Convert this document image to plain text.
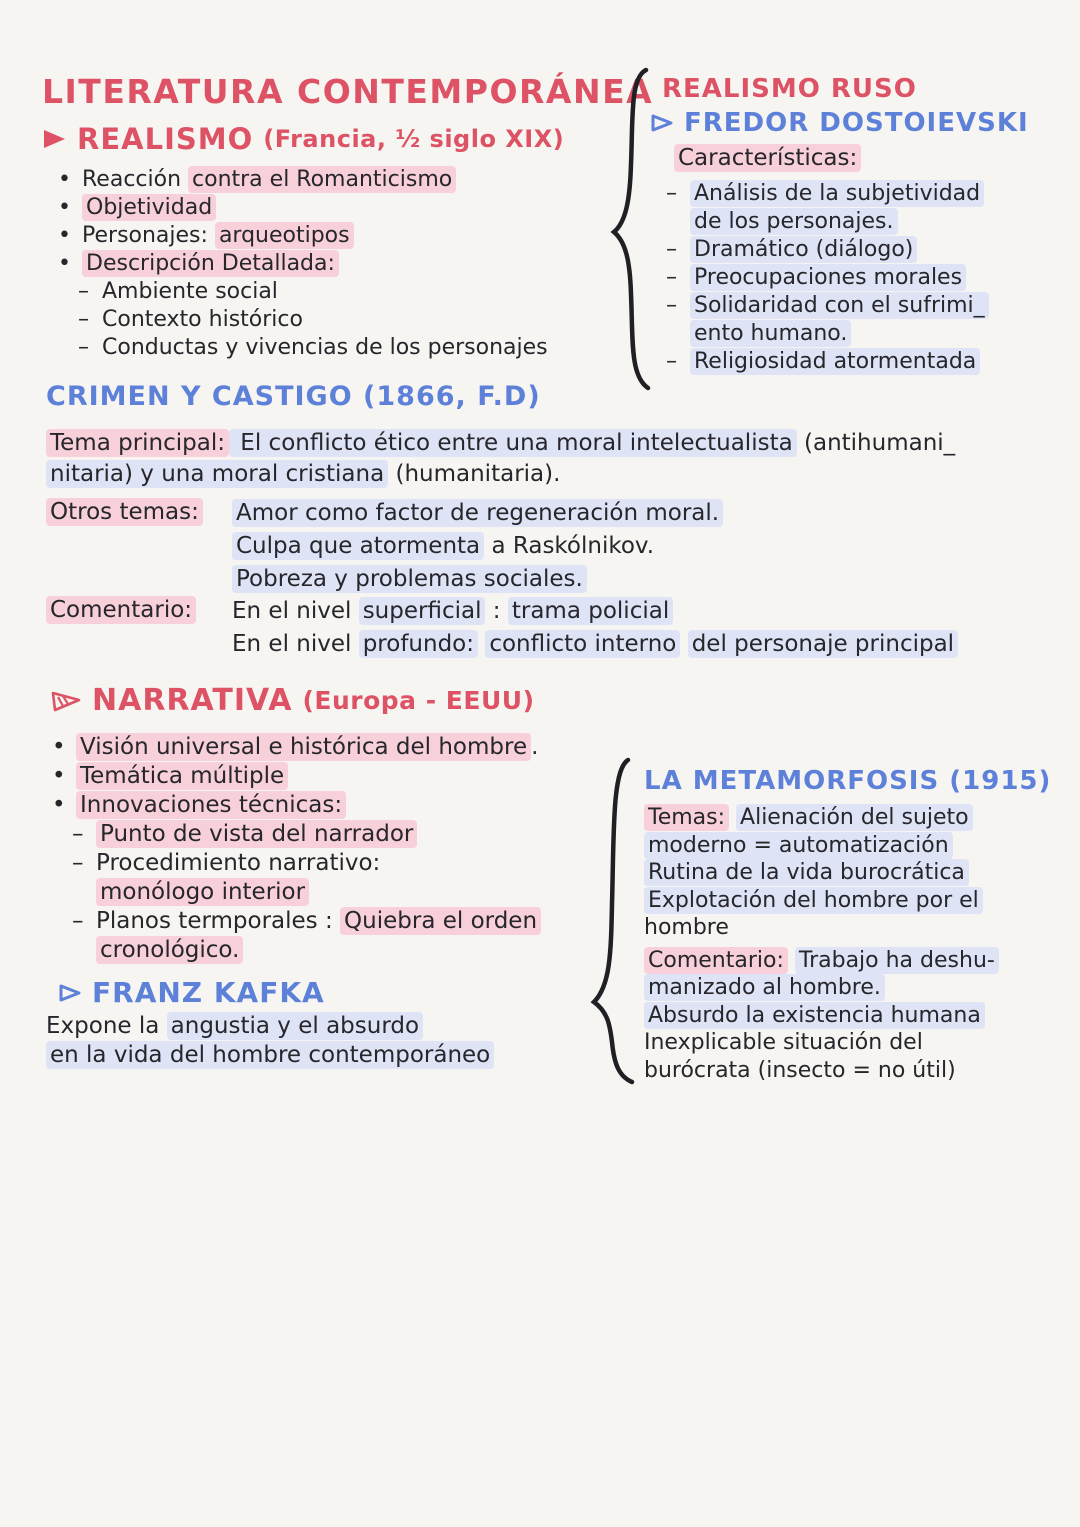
LITERATURA CONTEMPORÁNEA
REALISMO (Francia, ½ siglo XIX)
• Reacción contra el Romanticismo
• Objetividad
• Personajes: arqueotipos
• Descripción Detallada:
– Ambiente social
– Contexto histórico
– Conductas y vivencias de los personajes
REALISMO RUSO
FREDOR DOSTOIEVSKI
Características:
– Análisis de la subjetividad
de los personajes.
– Dramático (diálogo)
– Preocupaciones morales
– Solidaridad con el sufrimi_
ento humano.
– Religiosidad atormentada
CRIMEN Y CASTIGO (1866, F.D)
Tema principal: El conflicto ético entre una moral intelectualista (antihumani_
nitaria) y una moral cristiana (humanitaria).
Otros temas: Amor como factor de regeneración moral.
Culpa que atormenta a Raskólnikov.
Pobreza y problemas sociales.
Comentario: En el nivel superficial : trama policial
En el nivel profundo: conflicto interno del personaje principal
NARRATIVA (Europa - EEUU)
• Visión universal e histórica del hombre .
• Temática múltiple
• Innovaciones técnicas:
– Punto de vista del narrador
– Procedimiento narrativo:
monólogo interior
– Planos termporales : Quiebra el orden
cronológico.
FRANZ KAFKA
Expone la angustia y el absurdo
en la vida del hombre contemporáneo
LA METAMORFOSIS (1915)
Temas: Alienación del sujeto
moderno = automatización
Rutina de la vida burocrática
Explotación del hombre por el
hombre
Comentario: Trabajo ha deshu-
manizado al hombre.
Absurdo la existencia humana
Inexplicable situación del
burócrata (insecto = no útil)
